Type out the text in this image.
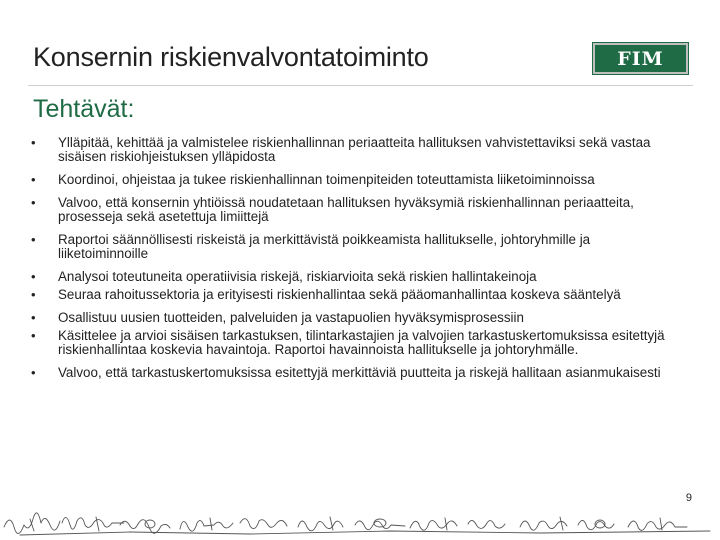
Konsernin riskienvalvontatoiminto	FIM
Tehtävät:
• Ylläpitää, kehittää ja valmistelee riskienhallinnan periaatteita hallituksen vahvistettaviksi sekä vastaa sisäisen riskiohjeistuksen ylläpidosta
• Koordinoi, ohjeistaa ja tukee riskienhallinnan toimenpiteiden toteuttamista liiketoiminnoissa
• Valvoo, että konsernin yhtiöissä noudatetaan hallituksen hyväksymiä riskienhallinnan periaatteita, prosesseja sekä asetettuja limiittejä
• Raportoi säännöllisesti riskeistä ja merkittävistä poikkeamista hallitukselle, johtoryhmille ja liiketoiminnoille
• Analysoi toteutuneita operatiivisia riskejä, riskiarvioita sekä riskien hallintakeinoja
• Seuraa rahoitussektoria ja erityisesti riskienhallintaa sekä pääomanhallintaa koskeva sääntelyä
• Osallistuu uusien tuotteiden, palveluiden ja vastapuolien hyväksymisprosessiin
• Käsittelee ja arvioi sisäisen tarkastuksen, tilintarkastajien ja valvojien tarkastuskertomuksissa esitettyjä riskienhallintaa koskevia havaintoja. Raportoi havainnoista hallitukselle ja johtoryhmälle.
• Valvoo, että tarkastuskertomuksissa esitettyjä merkittäviä puutteita ja riskejä hallitaan asianmukaisesti
9
